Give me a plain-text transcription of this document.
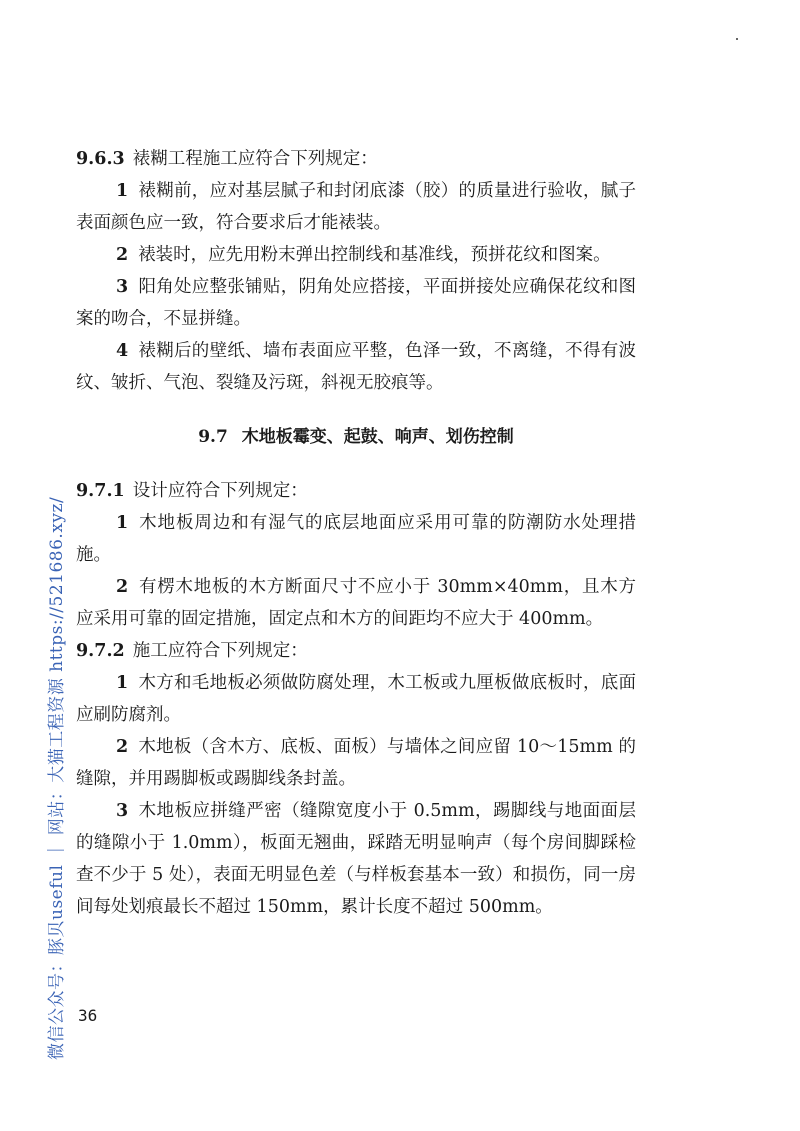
9.6.3 裱糊工程施工应符合下列规定：

1 裱糊前，应对基层腻子和封闭底漆（胶）的质量进行验收，腻子表面颜色应一致，符合要求后才能裱装。

2 裱装时，应先用粉末弹出控制线和基准线，预拼花纹和图案。

3 阳角处应整张铺贴，阴角处应搭接，平面拼接处应确保花纹和图案的吻合，不显拼缝。

4 裱糊后的壁纸、墙布表面应平整，色泽一致，不离缝，不得有波纹、皱折、气泡、裂缝及污斑，斜视无胶痕等。

9.7 木地板霉变、起鼓、响声、划伤控制

9.7.1 设计应符合下列规定：

1 木地板周边和有湿气的底层地面应采用可靠的防潮防水处理措施。

2 有楞木地板的木方断面尺寸不应小于 30mm×40mm，且木方应采用可靠的固定措施，固定点和木方的间距均不应大于 400mm。

9.7.2 施工应符合下列规定：

1 木方和毛地板必须做防腐处理，木工板或九厘板做底板时，底面应刷防腐剂。

2 木地板（含木方、底板、面板）与墙体之间应留 10～15mm 的缝隙，并用踢脚板或踢脚线条封盖。

3 木地板应拼缝严密（缝隙宽度小于 0.5mm，踢脚线与地面面层的缝隙小于 1.0mm），板面无翘曲，踩踏无明显响声（每个房间脚踩检查不少于 5 处），表面无明显色差（与样板套基本一致）和损伤，同一房间每处划痕最长不超过 150mm，累计长度不超过 500mm。

36
微信公众号：豚贝useful ｜ 网站：大猫工程资源 https://521686.xyz/
